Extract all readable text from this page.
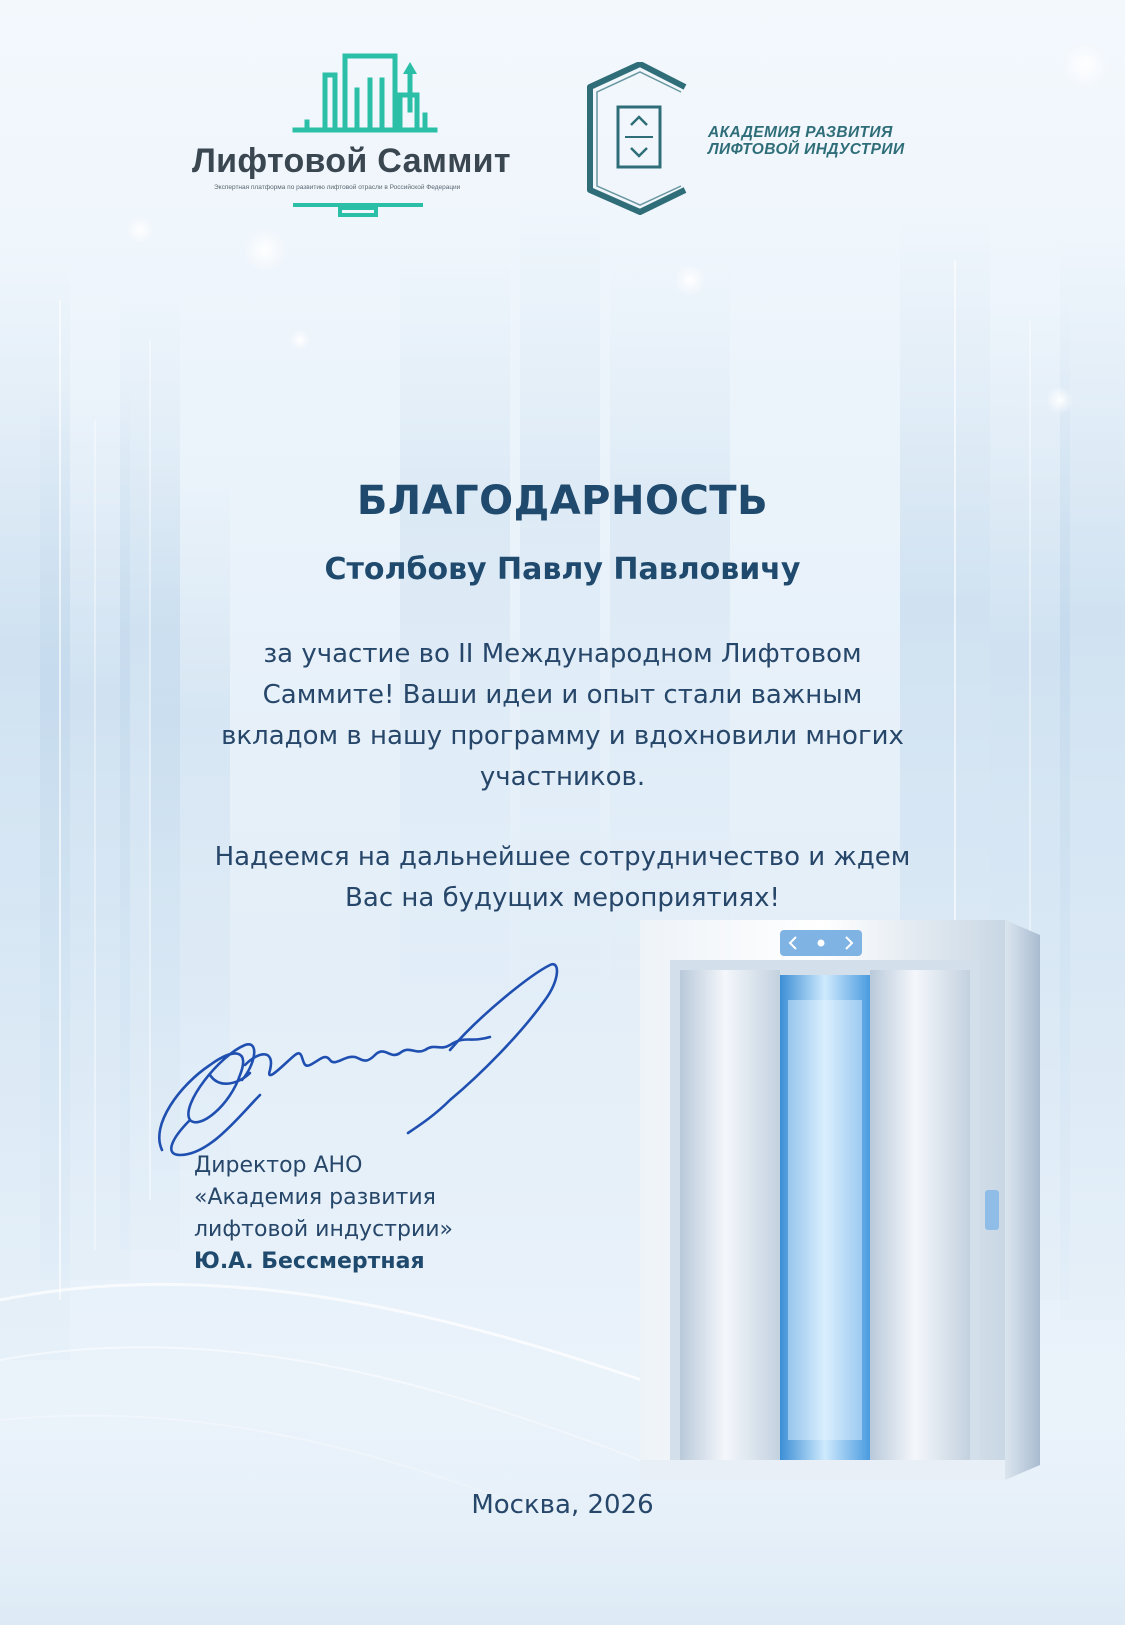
Лифтовой Саммит
Экспертная платформа по развитию лифтовой отрасли в Российской Федерации
АКАДЕМИЯ РАЗВИТИЯ
ЛИФТОВОЙ ИНДУСТРИИ
БЛАГОДАРНОСТЬ
Столбову Павлу Павловичу
за участие во II Международном Лифтовом
Саммите! Ваши идеи и опыт стали важным
вкладом в нашу программу и вдохновили многих
участников.
Надеемся на дальнейшее сотрудничество и ждем
Вас на будущих мероприятиях!
Директор АНО
«Академия развития
лифтовой индустрии»
Ю.А. Бессмертная
Москва, 2026
